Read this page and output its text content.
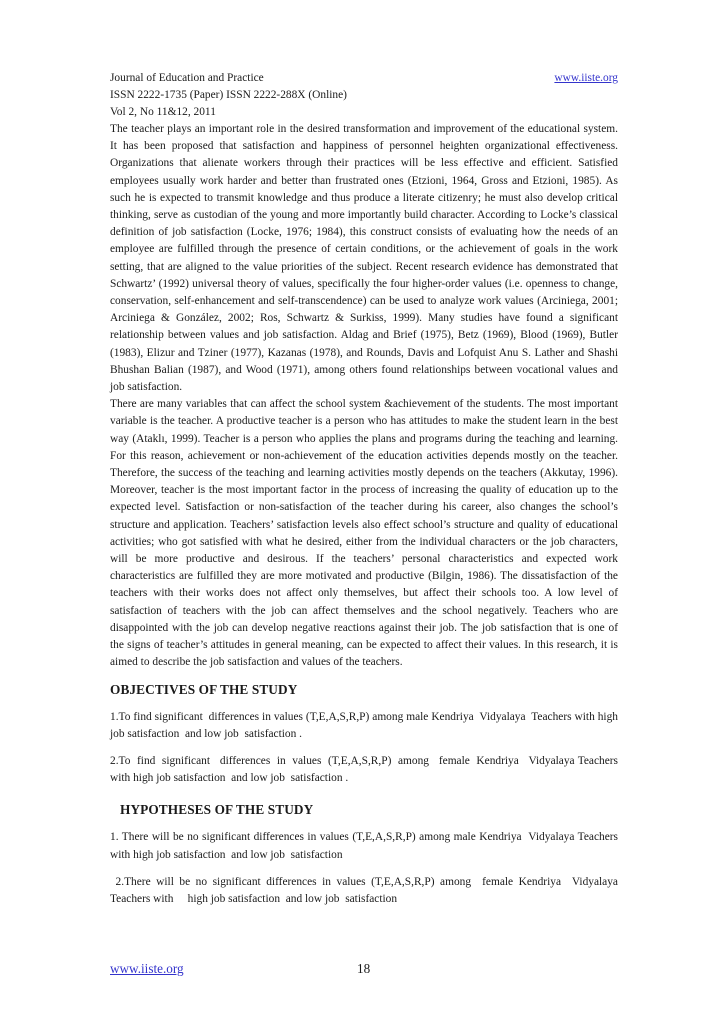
Journal of Education and Practice	www.iiste.org
ISSN 2222-1735 (Paper) ISSN 2222-288X (Online)
Vol 2, No 11&12, 2011

The teacher plays an important role in the desired transformation and improvement of the educational system. It has been proposed that satisfaction and happiness of personnel heighten organizational effectiveness. Organizations that alienate workers through their practices will be less effective and efficient. Satisfied employees usually work harder and better than frustrated ones (Etzioni, 1964, Gross and Etzioni, 1985). As such he is expected to transmit knowledge and thus produce a literate citizenry; he must also develop critical thinking, serve as custodian of the young and more importantly build character. According to Locke’s classical definition of job satisfaction (Locke, 1976; 1984), this construct consists of evaluating how the needs of an employee are fulfilled through the presence of certain conditions, or the achievement of goals in the work setting, that are aligned to the value priorities of the subject. Recent research evidence has demonstrated that Schwartz’ (1992) universal theory of values, specifically the four higher-order values (i.e. openness to change, conservation, self-enhancement and self-transcendence) can be used to analyze work values (Arciniega, 2001; Arciniega & González, 2002; Ros, Schwartz & Surkiss, 1999). Many studies have found a significant relationship between values and job satisfaction. Aldag and Brief (1975), Betz (1969), Blood (1969), Butler (1983), Elizur and Tziner (1977), Kazanas (1978), and Rounds, Davis and Lofquist Anu S. Lather and Shashi Bhushan Balian (1987), and Wood (1971), among others found relationships between vocational values and job satisfaction.

There are many variables that can affect the school system &achievement of the students. The most important variable is the teacher. A productive teacher is a person who has attitudes to make the student learn in the best way (Ataklı, 1999). Teacher is a person who applies the plans and programs during the teaching and learning. For this reason, achievement or non-achievement of the education activities depends mostly on the teacher. Therefore, the success of the teaching and learning activities mostly depends on the teachers (Akkutay, 1996). Moreover, teacher is the most important factor in the process of increasing the quality of education up to the expected level. Satisfaction or non-satisfaction of the teacher during his career, also changes the school’s structure and application. Teachers’ satisfaction levels also effect school’s structure and quality of educational activities; who got satisfied with what he desired, either from the individual characters or the job characters, will be more productive and desirous. If the teachers’ personal characteristics and expected work characteristics are fulfilled they are more motivated and productive (Bilgin, 1986). The dissatisfaction of the teachers with their works does not affect only themselves, but affect their schools too. A low level of satisfaction of teachers with the job can affect themselves and the school negatively. Teachers who are disappointed with the job can develop negative reactions against their job. The job satisfaction that is one of the signs of teacher’s attitudes in general meaning, can be expected to affect their values. In this research, it is aimed to describe the job satisfaction and values of the teachers.

OBJECTIVES OF THE STUDY

1.To find significant  differences in values (T,E,A,S,R,P) among male Kendriya  Vidyalaya  Teachers with high job satisfaction  and low job  satisfaction .

2.To  find  significant   differences  in  values  (T,E,A,S,R,P)  among   female  Kendriya   Vidyalaya Teachers with high job satisfaction  and low job  satisfaction .

HYPOTHESES OF THE STUDY

1. There will be no significant differences in values (T,E,A,S,R,P) among male Kendriya  Vidyalaya Teachers with high job satisfaction  and low job  satisfaction

2.There will be no significant differences in values (T,E,A,S,R,P) among  female Kendriya  Vidyalaya Teachers with     high job satisfaction  and low job  satisfaction

www.iiste.org	18
